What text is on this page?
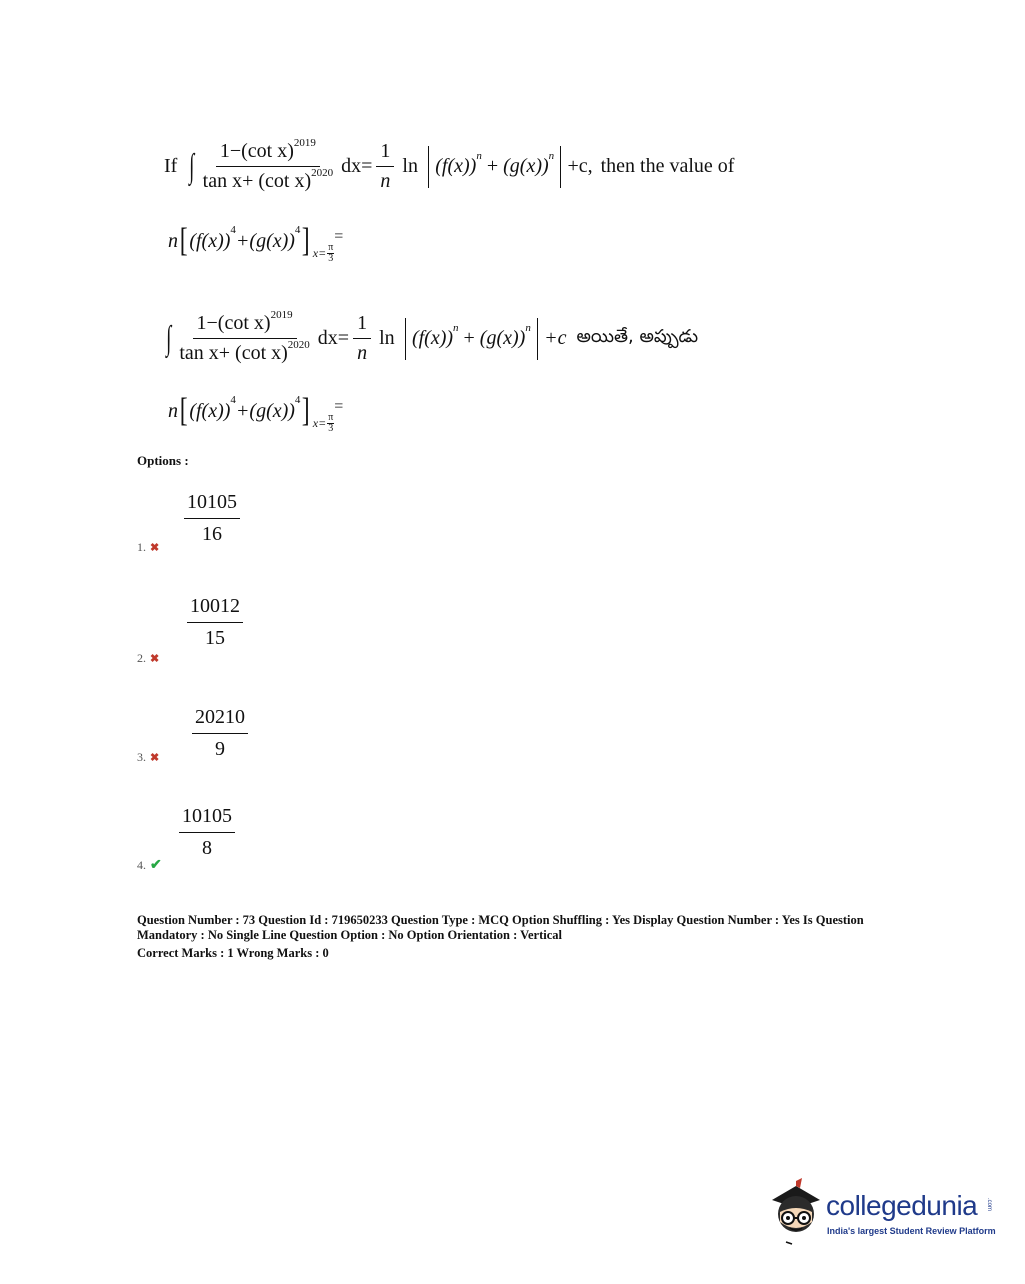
If ∫ $\frac{1-(\cot x)^{2019}}{\tan x+ (\cot x)^{2020}} dx= \frac{1}{n}$ ln (f(x)) n + (g(x)) n +c, then the value of
n [ (f(x)) 4 +(g(x)) 4 ] $x= \frac{\pi}{3}$
=
∫ $\frac{1-(\cot x)^{2019}}{\tan x+ (\cot x)^{2020}} dx= \frac{1}{n}$ ln (f(x)) n + (g(x)) n +c అయితే, అప్పుడు
n [ (f(x)) 4 +(g(x)) 4 ] $x= \frac{\pi}{3}$
=
Options :
$\frac{10105}{16}$
1. ✖
$\frac{10012}{15}$
2. ✖
$\frac{20210}{9}$
3. ✖
$\frac{10105}{8}$
4. ✔

Question Number : 73 Question Id : 719650233 Question Type : MCQ Option Shuffling : Yes Display Question Number : Yes Is Question

Mandatory : No Single Line Question Option : No Option Orientation : Vertical

Correct Marks : 1 Wrong Marks : 0

collegedunia .com
India's largest Student Review Platform
